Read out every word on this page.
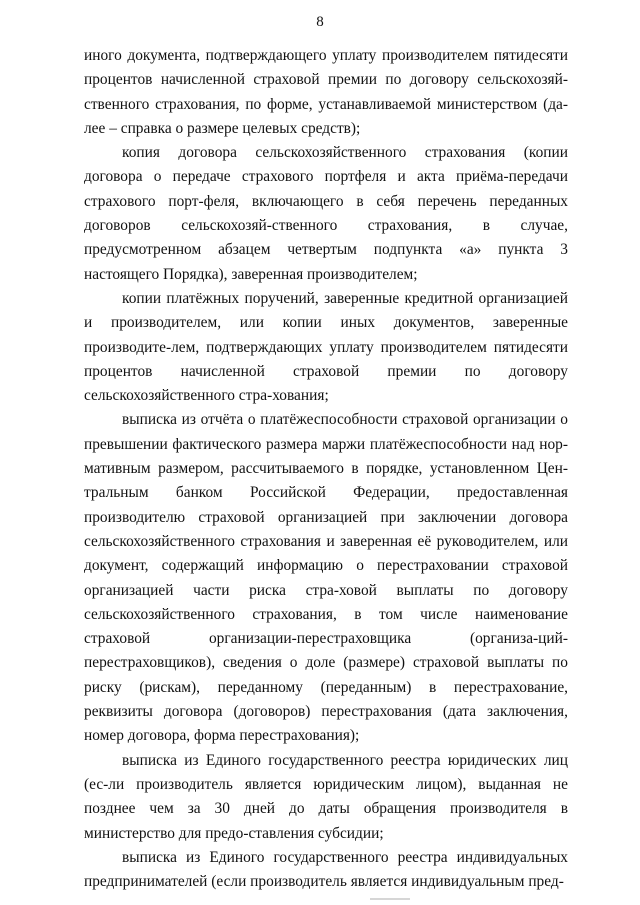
8

иного документа, подтверждающего уплату производителем пятидесяти процентов начисленной страховой премии по договору сельскохозяй-ственного страхования, по форме, устанавливаемой министерством (да-лее – справка о размере целевых средств);

копия договора сельскохозяйственного страхования (копии договора о передаче страхового портфеля и акта приёма-передачи страхового порт-феля, включающего в себя перечень переданных договоров сельскохозяй-ственного страхования, в случае, предусмотренном абзацем четвертым подпункта «а» пункта 3 настоящего Порядка), заверенная производителем;

копии платёжных поручений, заверенные кредитной организацией и производителем, или копии иных документов, заверенные производите-лем, подтверждающих уплату производителем пятидесяти процентов начисленной страховой премии по договору сельскохозяйственного стра-хования;

выписка из отчёта о платёжеспособности страховой организации о превышении фактического размера маржи платёжеспособности над нор-мативным размером, рассчитываемого в порядке, установленном Цен-тральным банком Российской Федерации, предоставленная производителю страховой организацией при заключении договора сельскохозяйственного страхования и заверенная её руководителем, или документ, содержащий информацию о перестраховании страховой организацией части риска стра-ховой выплаты по договору сельскохозяйственного страхования, в том числе наименование страховой организации-перестраховщика (организа-ций-перестраховщиков), сведения о доле (размере) страховой выплаты по риску (рискам), переданному (переданным) в перестрахование, реквизиты договора (договоров) перестрахования (дата заключения, номер договора, форма перестрахования);

выписка из Единого государственного реестра юридических лиц (ес-ли производитель является юридическим лицом), выданная не позднее чем за 30 дней до даты обращения производителя в министерство для предо-ставления субсидии;

выписка из Единого государственного реестра индивидуальных предпринимателей (если производитель является индивидуальным пред-
